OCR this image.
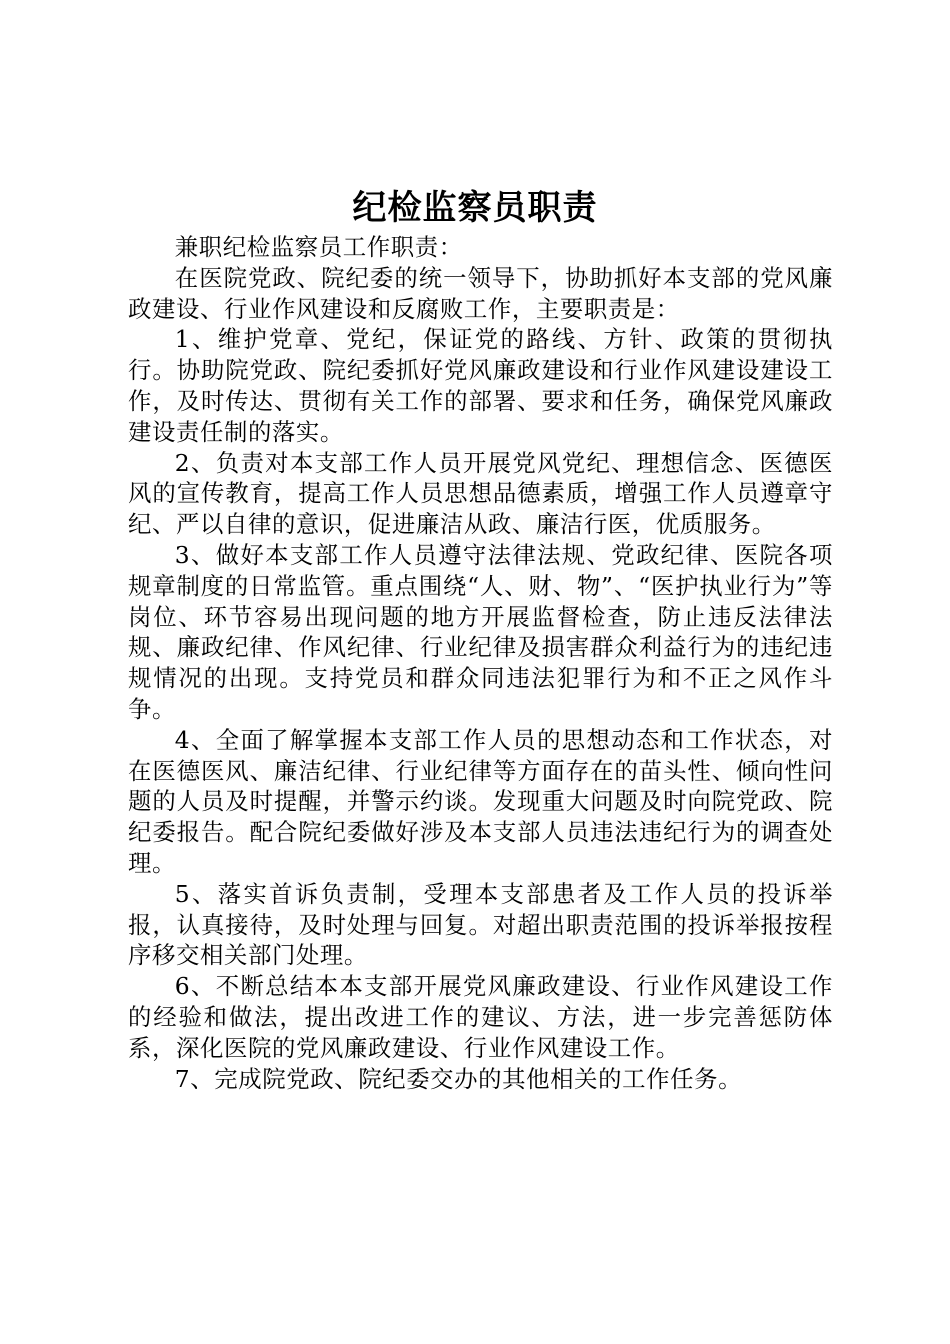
纪检监察员职责

兼职纪检监察员工作职责：

在医院党政、院纪委的统一领导下，协助抓好本支部的党风廉政建设、行业作风建设和反腐败工作，主要职责是：

1、维护党章、党纪，保证党的路线、方针、政策的贯彻执行。协助院党政、院纪委抓好党风廉政建设和行业作风建设建设工作，及时传达、贯彻有关工作的部署、要求和任务，确保党风廉政建设责任制的落实。

2、负责对本支部工作人员开展党风党纪、理想信念、医德医风的宣传教育，提高工作人员思想品德素质，增强工作人员遵章守纪、严以自律的意识，促进廉洁从政、廉洁行医，优质服务。

3、做好本支部工作人员遵守法律法规、党政纪律、医院各项规章制度的日常监管。重点围绕“人、财、物”、“医护执业行为”等岗位、环节容易出现问题的地方开展监督检查，防止违反法律法规、廉政纪律、作风纪律、行业纪律及损害群众利益行为的违纪违规情况的出现。支持党员和群众同违法犯罪行为和不正之风作斗争。

4、全面了解掌握本支部工作人员的思想动态和工作状态，对在医德医风、廉洁纪律、行业纪律等方面存在的苗头性、倾向性问题的人员及时提醒，并警示约谈。发现重大问题及时向院党政、院纪委报告。配合院纪委做好涉及本支部人员违法违纪行为的调查处理。

5、落实首诉负责制，受理本支部患者及工作人员的投诉举报，认真接待，及时处理与回复。对超出职责范围的投诉举报按程序移交相关部门处理。

6、不断总结本本支部开展党风廉政建设、行业作风建设工作的经验和做法，提出改进工作的建议、方法，进一步完善惩防体系，深化医院的党风廉政建设、行业作风建设工作。

7、完成院党政、院纪委交办的其他相关的工作任务。
